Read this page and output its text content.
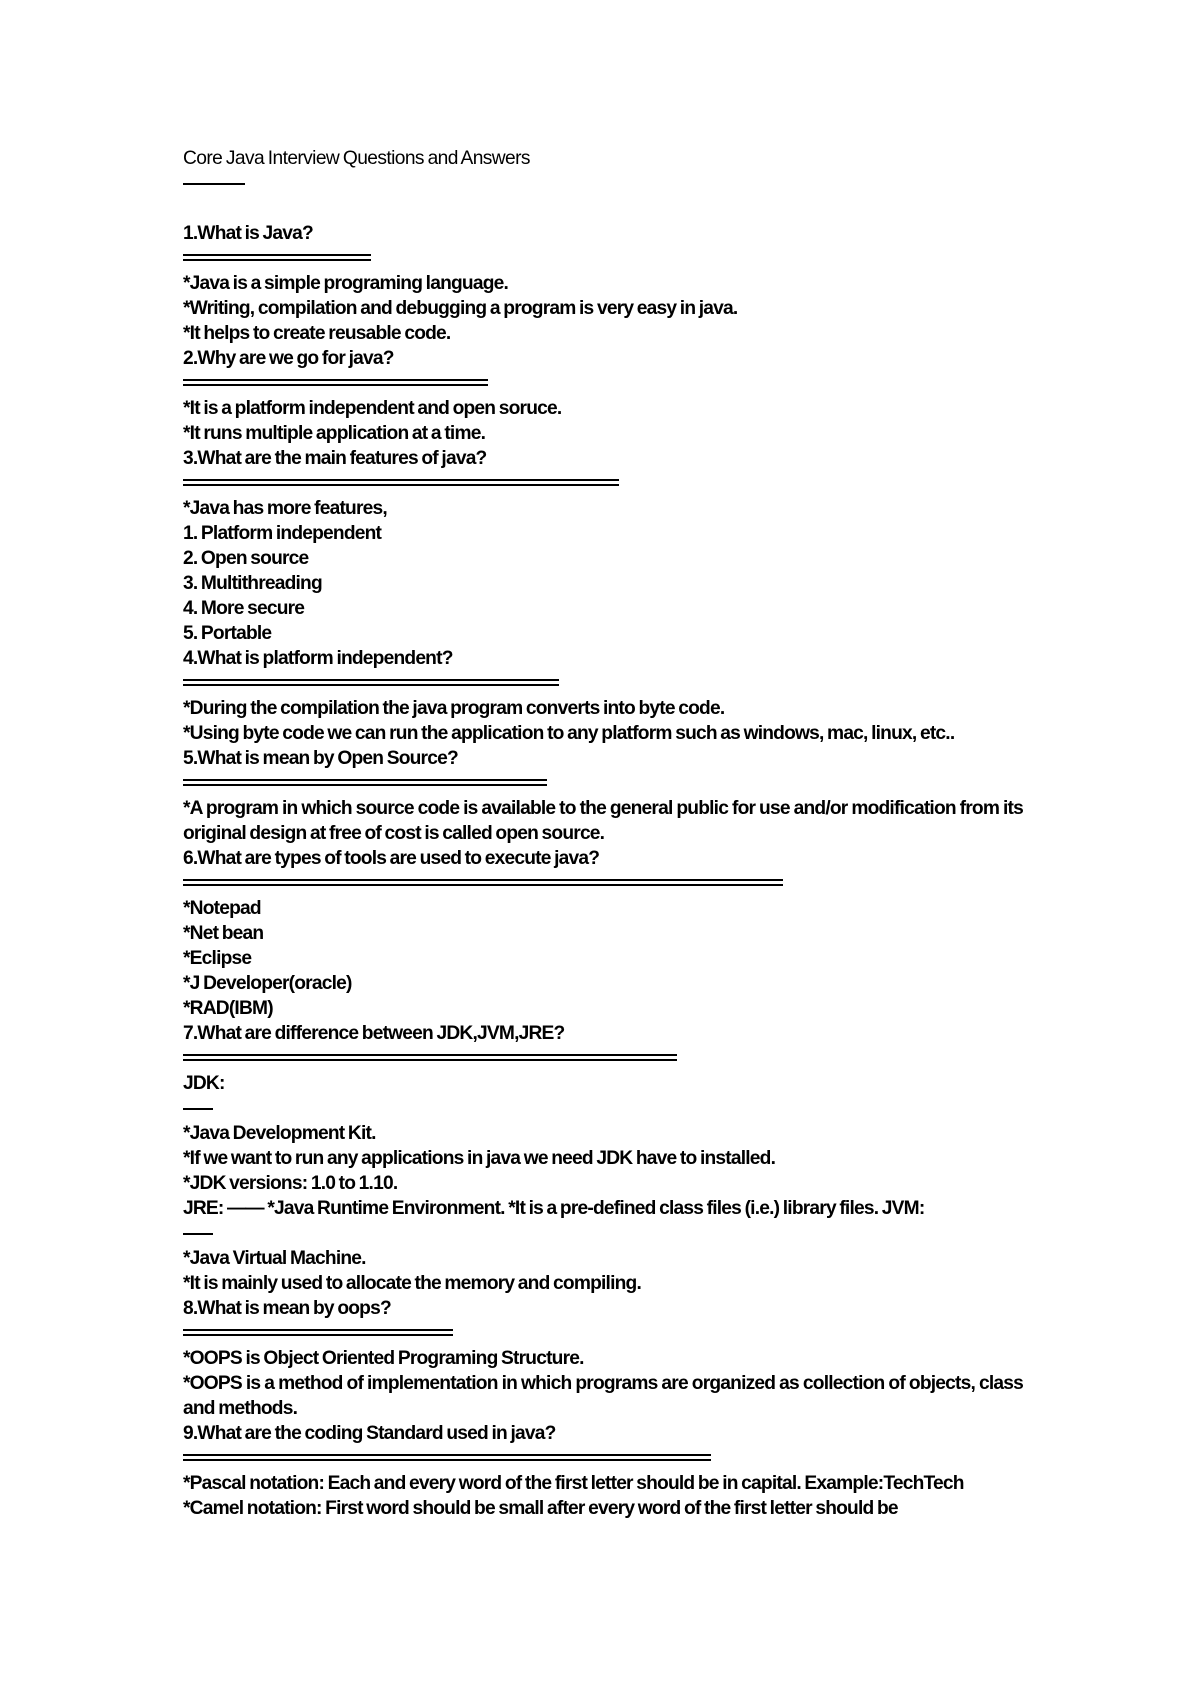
Core Java Interview Questions and Answers
1.What is Java?
*Java is a simple programing language.
*Writing, compilation and debugging a program is very easy in java.
*It helps to create reusable code.
2.Why are we go for java?
*It is a platform independent and open soruce.
*It runs multiple application at a time.
3.What are the main features of java?
*Java has more features,
1. Platform independent
2. Open source
3. Multithreading
4. More secure
5. Portable
4.What is platform independent?
*During the compilation the java program converts into byte code.
*Using byte code we can run the application to any platform such as windows, mac, linux, etc..
5.What is mean by Open Source?
*A program in which source code is available to the general public for use and/or modification from its original design at free of cost is called open source.
6.What are types of tools are used to execute java?
*Notepad
*Net bean
*Eclipse
*J Developer(oracle)
*RAD(IBM)
7.What are difference between JDK,JVM,JRE?
JDK:
*Java Development Kit.
*If we want to run any applications in java we need JDK have to installed.
*JDK versions: 1.0 to 1.10.
JRE: —— *Java Runtime Environment. *It is a pre-defined class files (i.e.) library files. JVM:
*Java Virtual Machine.
*It is mainly used to allocate the memory and compiling.
8.What is mean by oops?
*OOPS is Object Oriented Programing Structure.
*OOPS is a method of implementation in which programs are organized as collection of objects, class and methods.
9.What are the coding Standard used in java?
*Pascal notation: Each and every word of the first letter should be in capital. Example:TechTech
*Camel notation: First word should be small after every word of the first letter should be
